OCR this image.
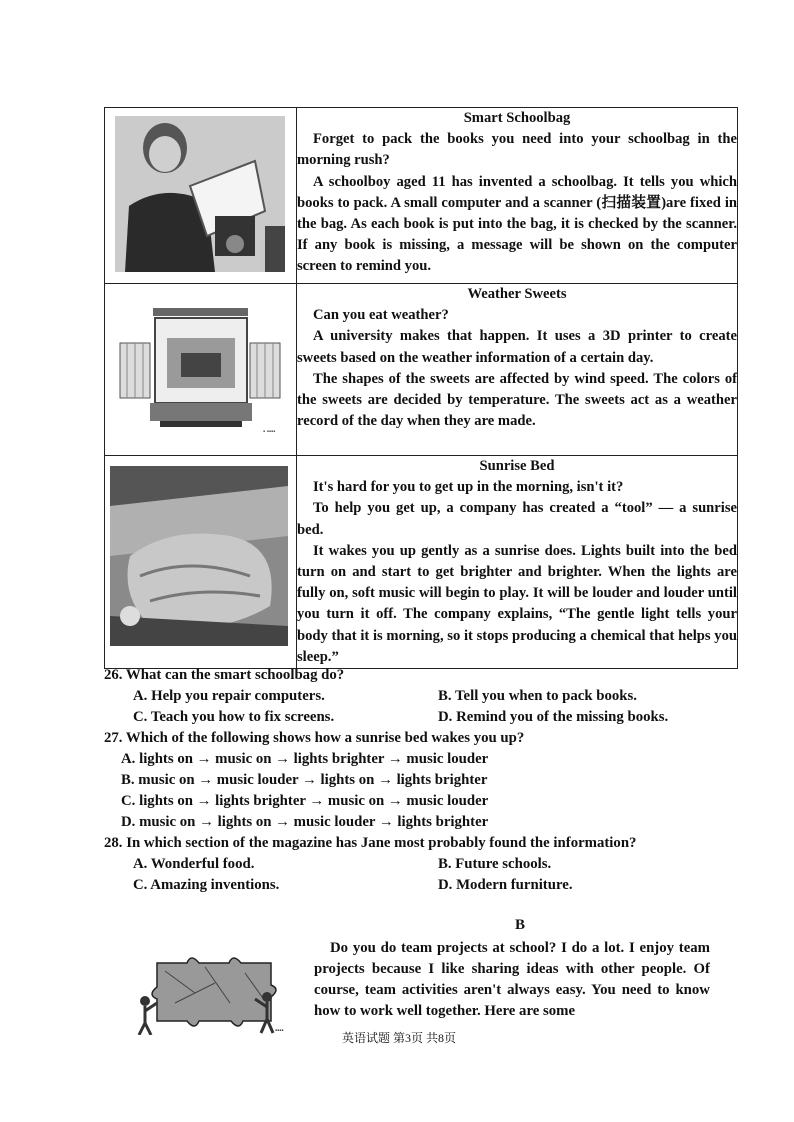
Smart Schoolbag

Forget to pack the books you need into your schoolbag in the morning rush?

A schoolboy aged 11 has invented a schoolbag. It tells you which books to pack. A small computer and a scanner (扫描装置)are fixed in the bag. As each book is put into the bag, it is checked by the scanner. If any book is missing, a message will be shown on the computer screen to remind you.

▪ ▪▪▪▪	Weather Sweets

Can you eat weather?

A university makes that happen. It uses a 3D printer to create sweets based on the weather information of a certain day.

The shapes of the sweets are affected by wind speed. The colors of the sweets are decided by temperature. The sweets act as a weather record of the day when they are made.

Sunrise Bed

It's hard for you to get up in the morning, isn't it?

To help you get up, a company has created a “tool” — a sunrise bed.

It wakes you up gently as a sunrise does. Lights built into the bed turn on and start to get brighter and brighter. When the lights are fully on, soft music will begin to play. It will be louder and louder until you turn it off. The company explains, “The gentle light tells your body that it is morning, so it stops producing a chemical that helps you sleep.”

26. What can the smart schoolbag do?
A. Help you repair computers.	B. Tell you when to pack books.
C. Teach you how to fix screens.	D. Remind you of the missing books.
27. Which of the following shows how a sunrise bed wakes you up?
A. lights on → music on → lights brighter → music louder
B. music on → music louder → lights on → lights brighter
C. lights on → lights brighter → music on → music louder
D. music on → lights on → music louder → lights brighter
28. In which section of the magazine has Jane most probably found the information?
A. Wonderful food.	B. Future schools.
C. Amazing inventions.	D. Modern furniture.
B
▪▪▪▪
Do you do team projects at school? I do a lot. I enjoy team projects because I like sharing ideas with other people. Of course, team activities aren't always easy. You need to know how to work well together. Here are some
英语试题 第3页 共8页
